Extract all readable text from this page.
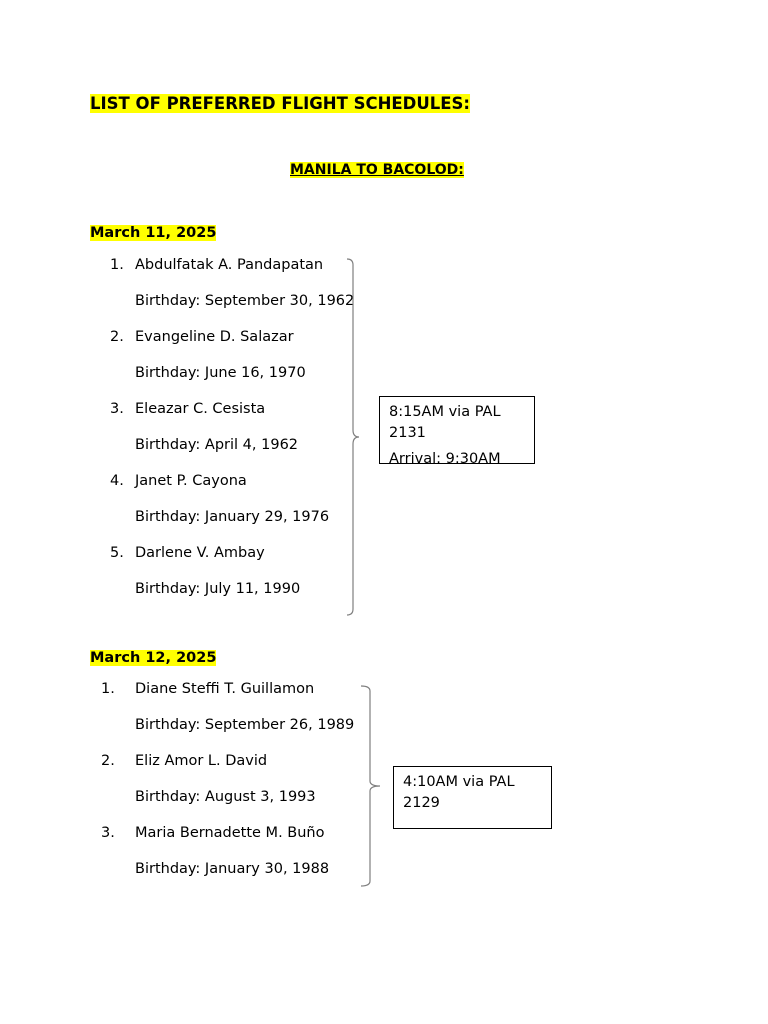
LIST OF PREFERRED FLIGHT SCHEDULES:
MANILA TO BACOLOD:
March 11, 2025
1. Abdulfatak A. Pandapatan
Birthday: September 30, 1962
2. Evangeline D. Salazar
Birthday: June 16, 1970
3. Eleazar C. Cesista
Birthday: April 4, 1962
4. Janet P. Cayona
Birthday: January 29, 1976
5. Darlene V. Ambay
Birthday: July 11, 1990
8:15AM via PAL 2131
Arrival: 9:30AM
March 12, 2025
1. Diane Steffi T. Guillamon
Birthday: September 26, 1989
2. Eliz Amor L. David
Birthday: August 3, 1993
3. Maria Bernadette M. Buño
Birthday: January 30, 1988
4:10AM via PAL 2129
